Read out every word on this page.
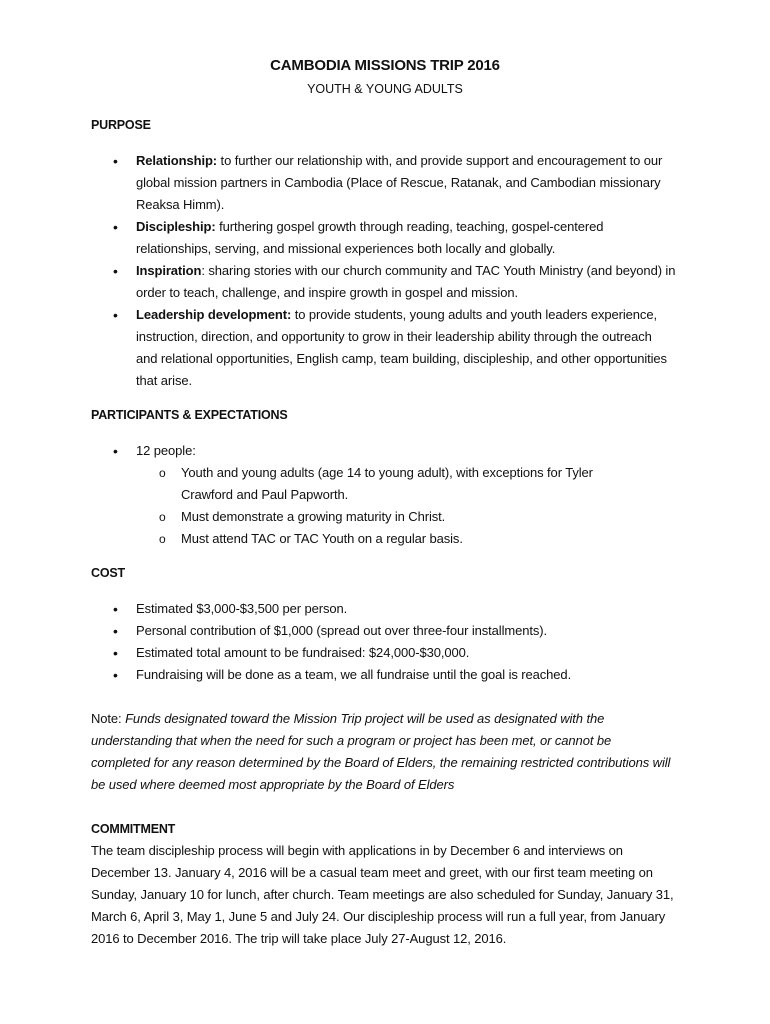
CAMBODIA MISSIONS TRIP 2016
YOUTH & YOUNG ADULTS
PURPOSE
• Relationship: to further our relationship with, and provide support and encouragement to our global mission partners in Cambodia (Place of Rescue, Ratanak, and Cambodian missionary Reaksa Himm).
• Discipleship: furthering gospel growth through reading, teaching, gospel-centered relationships, serving, and missional experiences both locally and globally.
• Inspiration: sharing stories with our church community and TAC Youth Ministry (and beyond) in order to teach, challenge, and inspire growth in gospel and mission.
• Leadership development: to provide students, young adults and youth leaders experience, instruction, direction, and opportunity to grow in their leadership ability through the outreach and relational opportunities, English camp, team building, discipleship, and other opportunities that arise.
PARTICIPANTS & EXPECTATIONS
• 12 people:
o Youth and young adults (age 14 to young adult), with exceptions for Tyler Crawford and Paul Papworth.
o Must demonstrate a growing maturity in Christ.
o Must attend TAC or TAC Youth on a regular basis.
COST
• Estimated $3,000-$3,500 per person.
• Personal contribution of $1,000 (spread out over three-four installments).
• Estimated total amount to be fundraised: $24,000-$30,000.
• Fundraising will be done as a team, we all fundraise until the goal is reached.
Note: Funds designated toward the Mission Trip project will be used as designated with the understanding that when the need for such a program or project has been met, or cannot be completed for any reason determined by the Board of Elders, the remaining restricted contributions will be used where deemed most appropriate by the Board of Elders
COMMITMENT
The team discipleship process will begin with applications in by December 6 and interviews on December 13. January 4, 2016 will be a casual team meet and greet, with our first team meeting on Sunday, January 10 for lunch, after church. Team meetings are also scheduled for Sunday, January 31, March 6, April 3, May 1, June 5 and July 24. Our discipleship process will run a full year, from January 2016 to December 2016. The trip will take place July 27-August 12, 2016.
